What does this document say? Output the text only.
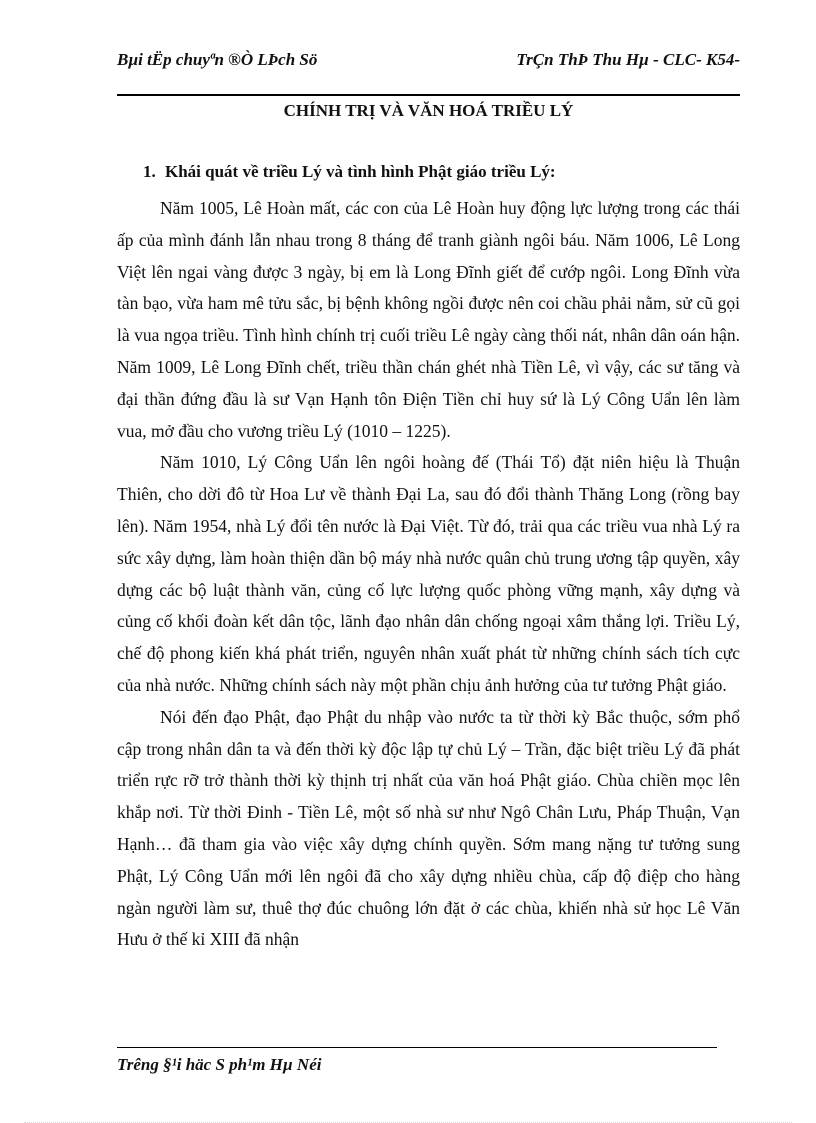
Bµi tËp chuyªn ®Ò LÞch Sö	TrÇn ThÞ Thu Hµ - CLC- K54-
CHÍNH TRỊ VÀ VĂN HOÁ TRIỀU LÝ
1. Khái quát về triều Lý và tình hình Phật giáo triều Lý:

Năm 1005, Lê Hoàn mất, các con của Lê Hoàn huy động lực lượng trong các thái ấp của mình đánh lẫn nhau trong 8 tháng để tranh giành ngôi báu. Năm 1006, Lê Long Việt lên ngai vàng được 3 ngày, bị em là Long Đĩnh giết để cướp ngôi. Long Đĩnh vừa tàn bạo, vừa ham mê tửu sắc, bị bệnh không ngồi được nên coi chầu phải nằm, sử cũ gọi là vua ngọa triều. Tình hình chính trị cuối triều Lê ngày càng thối nát, nhân dân oán hận. Năm 1009, Lê Long Đĩnh chết, triều thần chán ghét nhà Tiền Lê, vì vậy, các sư tăng và đại thần đứng đầu là sư Vạn Hạnh tôn Điện Tiền chỉ huy sứ là Lý Công Uẩn lên làm vua, mở đầu cho vương triều Lý (1010 – 1225).

Năm 1010, Lý Công Uẩn lên ngôi hoàng đế (Thái Tổ) đặt niên hiệu là Thuận Thiên, cho dời đô từ Hoa Lư về thành Đại La, sau đó đổi thành Thăng Long (rồng bay lên). Năm 1954, nhà Lý đổi tên nước là Đại Việt. Từ đó, trải qua các triều vua nhà Lý ra sức xây dựng, làm hoàn thiện dần bộ máy nhà nước quân chủ trung ương tập quyền, xây dựng các bộ luật thành văn, củng cố lực lượng quốc phòng vững mạnh, xây dựng và củng cố khối đoàn kết dân tộc, lãnh đạo nhân dân chống ngoại xâm thắng lợi. Triều Lý, chế độ phong kiến khá phát triển, nguyên nhân xuất phát từ những chính sách tích cực của nhà nước. Những chính sách này một phần chịu ảnh hưởng của tư tưởng Phật giáo.

Nói đến đạo Phật, đạo Phật du nhập vào nước ta từ thời kỳ Bắc thuộc, sớm phổ cập trong nhân dân ta và đến thời kỳ độc lập tự chủ Lý – Trần, đặc biệt triều Lý đã phát triển rực rỡ trở thành thời kỳ thịnh trị nhất của văn hoá Phật giáo. Chùa chiền mọc lên khắp nơi. Từ thời Đinh - Tiền Lê, một số nhà sư như Ngô Chân Lưu, Pháp Thuận, Vạn Hạnh… đã tham gia vào việc xây dựng chính quyền. Sớm mang nặng tư tưởng sung Phật, Lý Công Uẩn mới lên ngôi đã cho xây dựng nhiều chùa, cấp độ điệp cho hàng ngàn người làm sư, thuê thợ đúc chuông lớn đặt ở các chùa, khiến nhà sử học Lê Văn Hưu ở thế kỉ XIII đã nhận

Trêng §¹i häc S ph¹m Hµ Néi
